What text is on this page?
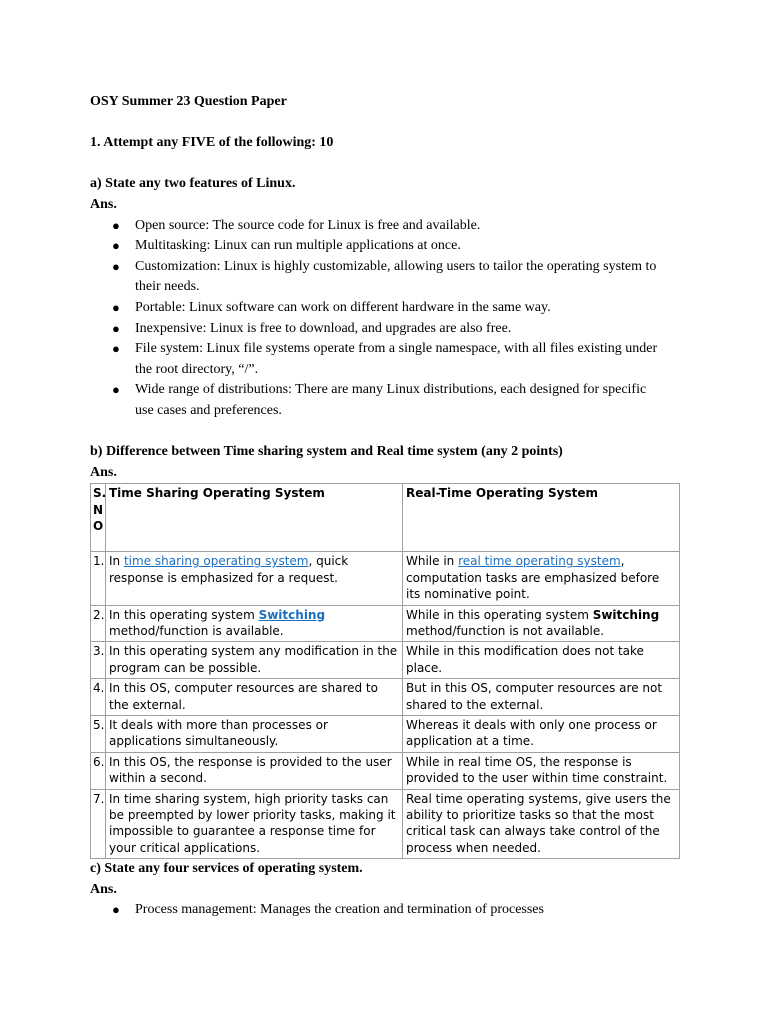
OSY Summer 23 Question Paper

1. Attempt any FIVE of the following: 10

a) State any two features of Linux.

Ans.

● Open source: The source code for Linux is free and available.
● Multitasking: Linux can run multiple applications at once.
● Customization: Linux is highly customizable, allowing users to tailor the operating system to their needs.
● Portable: Linux software can work on different hardware in the same way.
● Inexpensive: Linux is free to download, and upgrades are also free.
● File system: Linux file systems operate from a single namespace, with all files existing under the root directory, “/”.
● Wide range of distributions: There are many Linux distributions, each designed for specific use cases and preferences.

b) Difference between Time sharing system and Real time system (any 2 points)

Ans.

S.NO	Time Sharing Operating System	Real-Time Operating System
1.	In time sharing operating system, quick response is emphasized for a request.	While in real time operating system, computation tasks are emphasized before its nominative point.
2.	In this operating system Switching method/function is available.	While in this operating system Switching method/function is not available.
3.	In this operating system any modification in the program can be possible.	While in this modification does not take place.
4.	In this OS, computer resources are shared to the external.	But in this OS, computer resources are not shared to the external.
5.	It deals with more than processes or applications simultaneously.	Whereas it deals with only one process or application at a time.
6.	In this OS, the response is provided to the user within a second.	While in real time OS, the response is provided to the user within time constraint.
7.	In time sharing system, high priority tasks can be preempted by lower priority tasks, making it impossible to guarantee a response time for your critical applications.	Real time operating systems, give users the ability to prioritize tasks so that the most critical task can always take control of the process when needed.

c) State any four services of operating system.

Ans.

● Process management: Manages the creation and termination of processes
